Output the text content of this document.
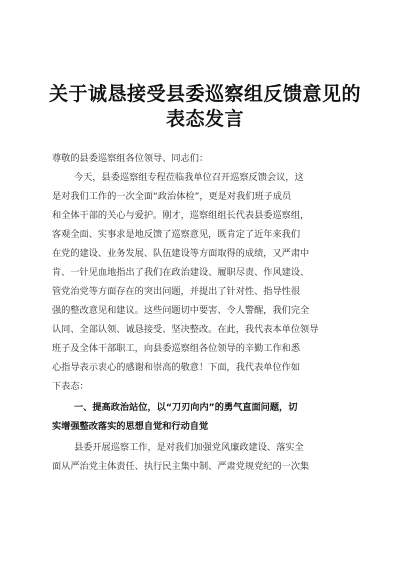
关于诚恳接受县委巡察组反馈意见的
表态发言
尊敬的县委巡察组各位领导、同志们：
今天，县委巡察组专程莅临我单位召开巡察反馈会议，这
是对我们工作的一次全面“政治体检”，更是对我们班子成员
和全体干部的关心与爱护。刚才，巡察组组长代表县委巡察组，
客观全面、实事求是地反馈了巡察意见，既肯定了近年来我们
在党的建设、业务发展、队伍建设等方面取得的成绩，又严肃中
肯、一针见血地指出了我们在政治建设、履职尽责、作风建设、
管党治党等方面存在的突出问题，并提出了针对性、指导性很
强的整改意见和建议。这些问题切中要害、令人警醒，我们完全
认同、全部认领、诚恳接受、坚决整改。在此，我代表本单位领导
班子及全体干部职工，向县委巡察组各位领导的辛勤工作和悉
心指导表示衷心的感谢和崇高的敬意！下面，我代表单位作如
下表态：
一、提高政治站位，以“刀刃向内”的勇气直面问题，切
实增强整改落实的思想自觉和行动自觉
县委开展巡察工作，是对我们加强党风廉政建设、落实全
面从严治党主体责任、执行民主集中制、严肃党规党纪的一次集
